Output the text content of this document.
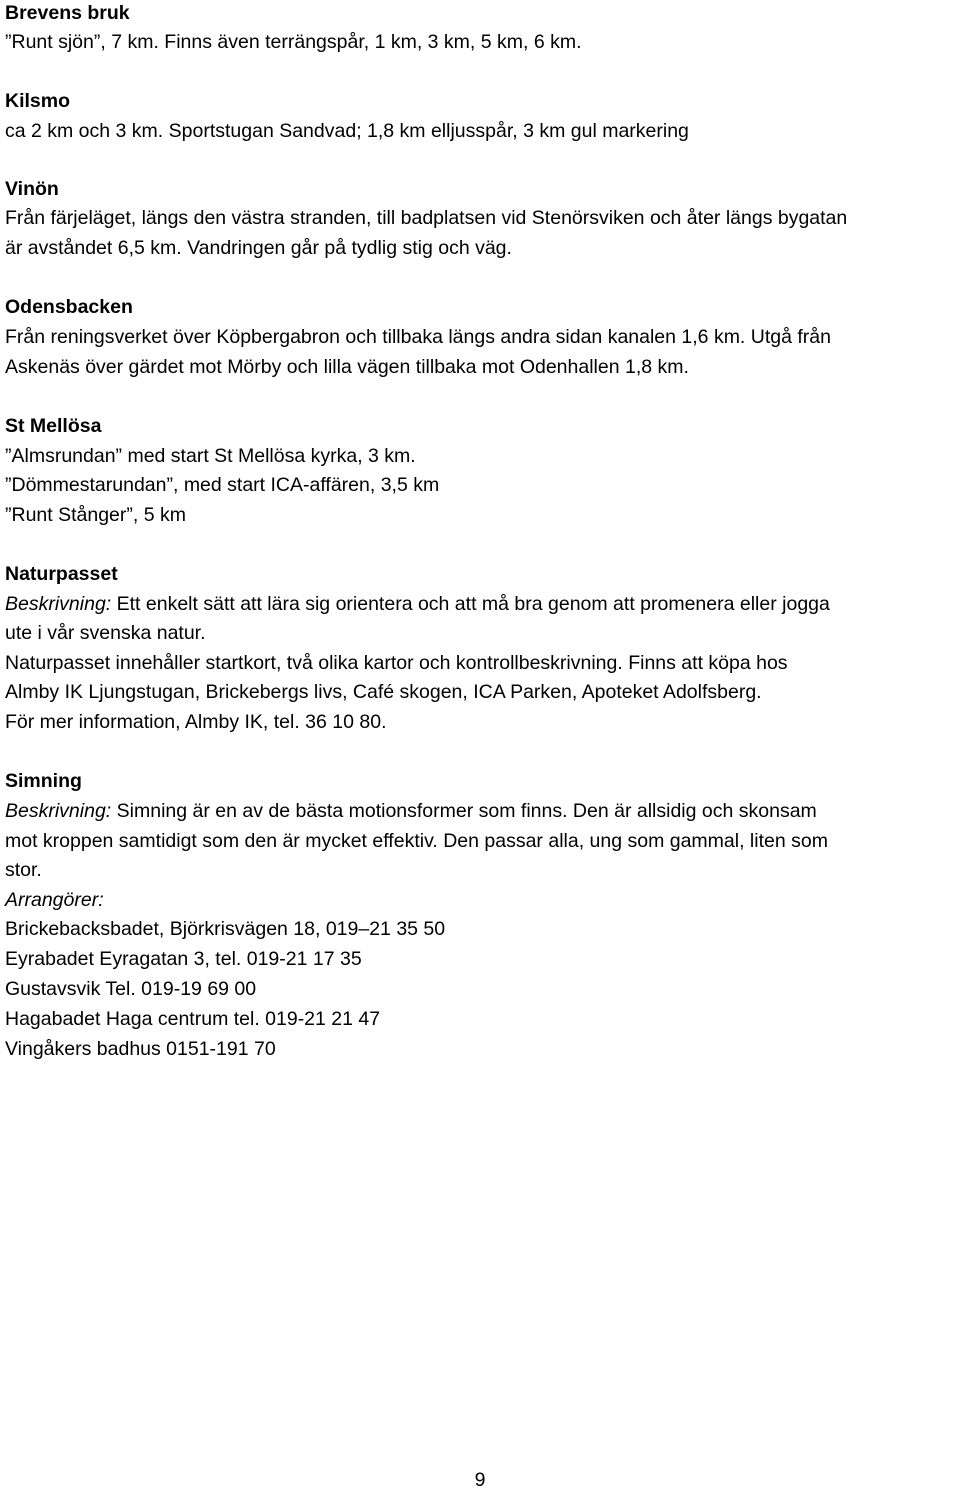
Brevens bruk
”Runt sjön”, 7 km. Finns även terrängspår, 1 km, 3 km, 5 km, 6 km.
Kilsmo
ca 2 km och 3 km. Sportstugan Sandvad; 1,8 km elljusspår, 3 km gul markering
Vinön
Från färjeläget, längs den västra stranden, till badplatsen vid Stenörsviken och åter längs bygatan
är avståndet 6,5 km. Vandringen går på tydlig stig och väg.
Odensbacken
Från reningsverket över Köpbergabron och tillbaka längs andra sidan kanalen 1,6 km. Utgå från
Askenäs över gärdet mot Mörby och lilla vägen tillbaka mot Odenhallen 1,8 km.
St Mellösa
”Almsrundan” med start St Mellösa kyrka, 3 km.
”Dömmestarundan”, med start ICA-affären, 3,5 km
”Runt Stånger”, 5 km
Naturpasset
Beskrivning: Ett enkelt sätt att lära sig orientera och att må bra genom att promenera eller jogga
ute i vår svenska natur.
Naturpasset innehåller startkort, två olika kartor och kontrollbeskrivning. Finns att köpa hos
Almby IK Ljungstugan, Brickebergs livs, Café skogen, ICA Parken, Apoteket Adolfsberg.
För mer information, Almby IK, tel. 36 10 80.
Simning
Beskrivning: Simning är en av de bästa motionsformer som finns. Den är allsidig och skonsam
mot kroppen samtidigt som den är mycket effektiv. Den passar alla, ung som gammal, liten som
stor.
Arrangörer:
Brickebacksbadet, Björkrisvägen 18, 019–21 35 50
Eyrabadet Eyragatan 3, tel. 019-21 17 35
Gustavsvik Tel. 019-19 69 00
Hagabadet Haga centrum tel. 019-21 21 47
Vingåkers badhus 0151-191 70
9
